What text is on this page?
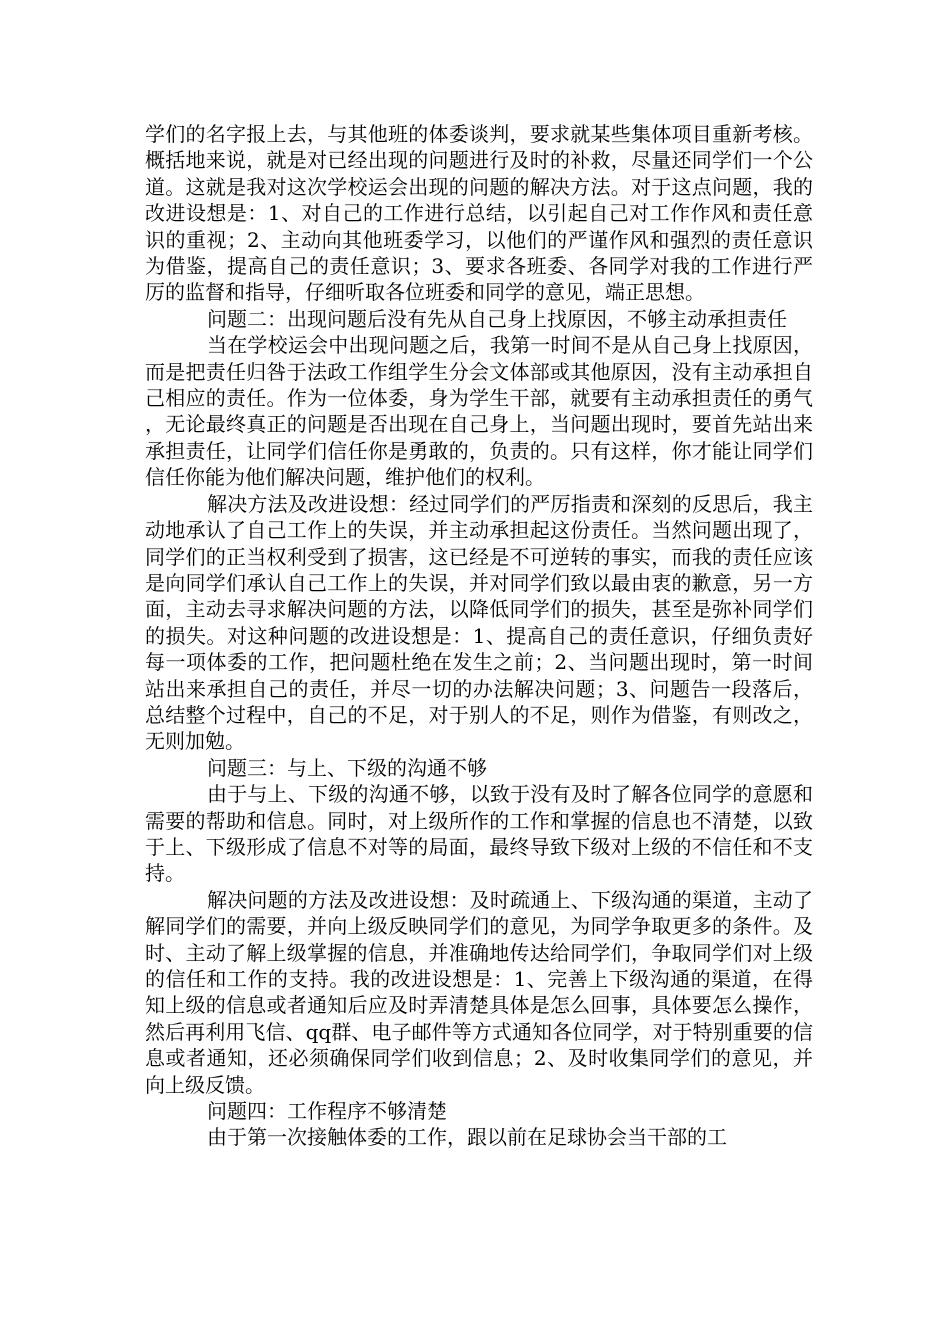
学们的名字报上去，与其他班的体委谈判，要求就某些集体项目重新考核。概括地来说，就是对已经出现的问题进行及时的补救，尽量还同学们一个公道。这就是我对这次学校运会出现的问题的解决方法。对于这点问题，我的改进设想是：1、对自己的工作进行总结，以引起自己对工作作风和责任意识的重视；2、主动向其他班委学习，以他们的严谨作风和强烈的责任意识为借鉴，提高自己的责任意识；3、要求各班委、各同学对我的工作进行严厉的监督和指导，仔细听取各位班委和同学的意见，端正思想。

问题二：出现问题后没有先从自己身上找原因，不够主动承担责任

当在学校运会中出现问题之后，我第一时间不是从自己身上找原因，而是把责任归咎于法政工作组学生分会文体部或其他原因，没有主动承担自己相应的责任。作为一位体委，身为学生干部，就要有主动承担责任的勇气，无论最终真正的问题是否出现在自己身上，当问题出现时，要首先站出来承担责任，让同学们信任你是勇敢的，负责的。只有这样，你才能让同学们信任你能为他们解决问题，维护他们的权利。

解决方法及改进设想：经过同学们的严厉指责和深刻的反思后，我主动地承认了自己工作上的失误，并主动承担起这份责任。当然问题出现了，同学们的正当权利受到了损害，这已经是不可逆转的事实，而我的责任应该是向同学们承认自己工作上的失误，并对同学们致以最由衷的歉意，另一方面，主动去寻求解决问题的方法，以降低同学们的损失，甚至是弥补同学们的损失。对这种问题的改进设想是：1、提高自己的责任意识，仔细负责好每一项体委的工作，把问题杜绝在发生之前；2、当问题出现时，第一时间站出来承担自己的责任，并尽一切的办法解决问题；3、问题告一段落后，总结整个过程中，自己的不足，对于别人的不足，则作为借鉴，有则改之，无则加勉。

问题三：与上、下级的沟通不够

由于与上、下级的沟通不够，以致于没有及时了解各位同学的意愿和需要的帮助和信息。同时，对上级所作的工作和掌握的信息也不清楚，以致于上、下级形成了信息不对等的局面，最终导致下级对上级的不信任和不支持。

解决问题的方法及改进设想：及时疏通上、下级沟通的渠道，主动了解同学们的需要，并向上级反映同学们的意见，为同学争取更多的条件。及时、主动了解上级掌握的信息，并准确地传达给同学们，争取同学们对上级的信任和工作的支持。我的改进设想是：1、完善上下级沟通的渠道，在得知上级的信息或者通知后应及时弄清楚具体是怎么回事，具体要怎么操作，然后再利用飞信、qq群、电子邮件等方式通知各位同学，对于特别重要的信息或者通知，还必须确保同学们收到信息；2、及时收集同学们的意见，并向上级反馈。

问题四：工作程序不够清楚

由于第一次接触体委的工作，跟以前在足球协会当干部的工
